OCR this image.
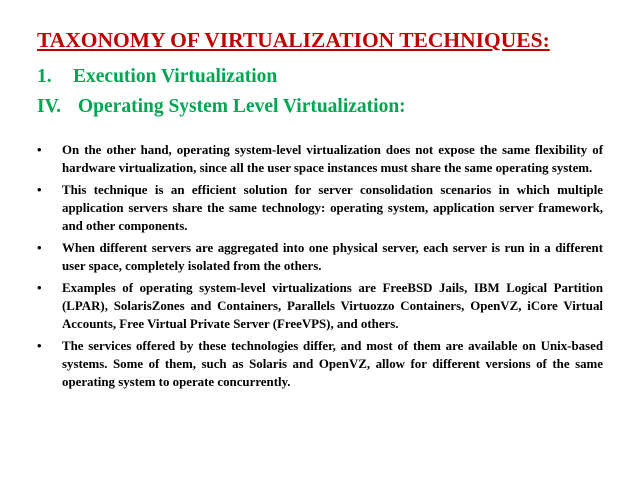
TAXONOMY OF VIRTUALIZATION TECHNIQUES:
1. Execution Virtualization
IV. Operating System Level Virtualization:
• On the other hand, operating system-level virtualization does not expose the same flexibility of hardware virtualization, since all the user space instances must share the same operating system.
• This technique is an efficient solution for server consolidation scenarios in which multiple application servers share the same technology: operating system, application server framework, and other components.
• When different servers are aggregated into one physical server, each server is run in a different user space, completely isolated from the others.
• Examples of operating system-level virtualizations are FreeBSD Jails, IBM Logical Partition (LPAR), SolarisZones and Containers, Parallels Virtuozzo Containers, OpenVZ, iCore Virtual Accounts, Free Virtual Private Server (FreeVPS), and others.
• The services offered by these technologies differ, and most of them are available on Unix-based systems. Some of them, such as Solaris and OpenVZ, allow for different versions of the same operating system to operate concurrently.
